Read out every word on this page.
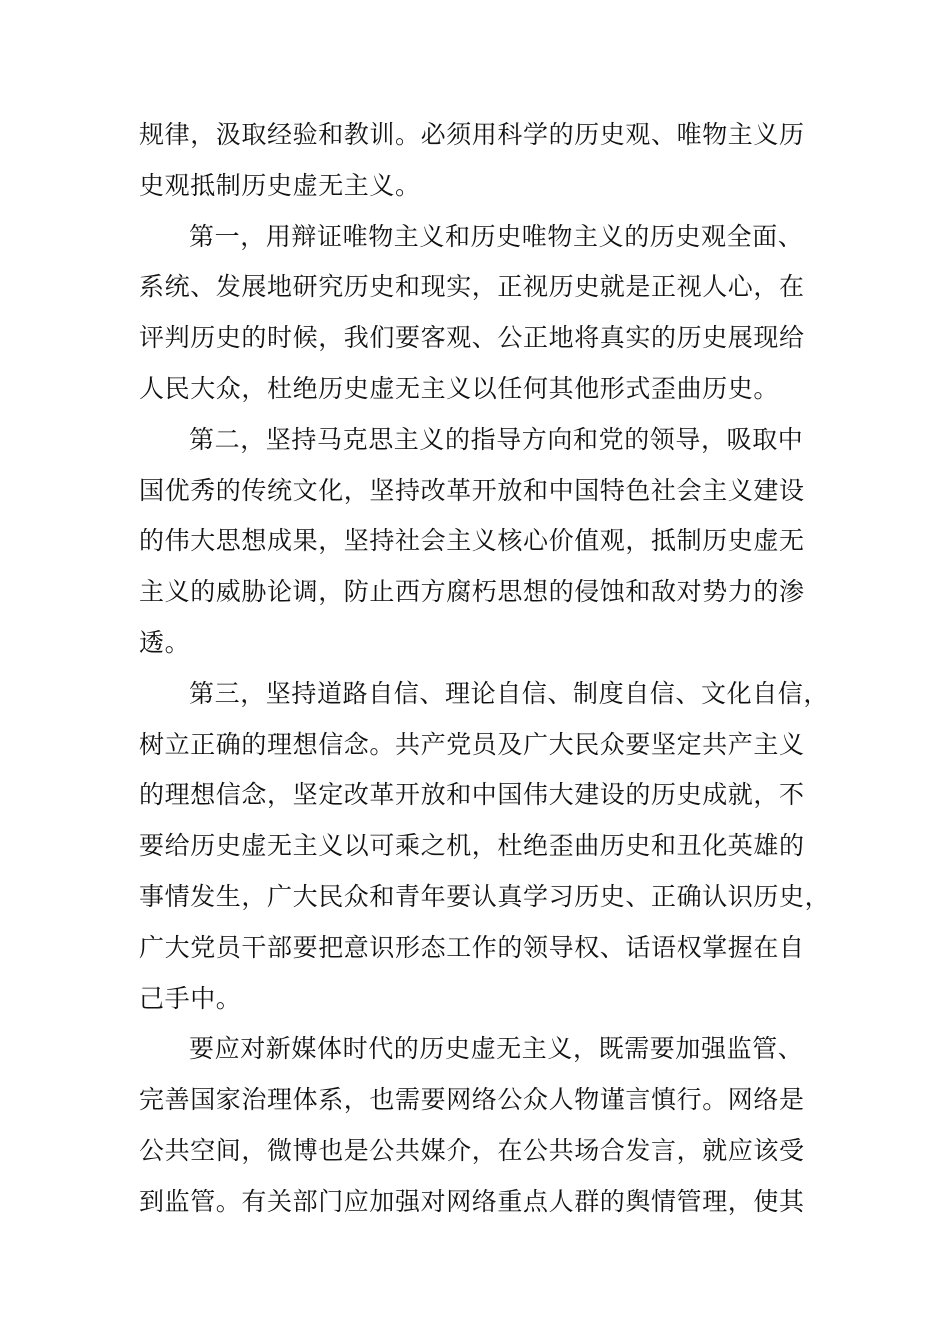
规律，汲取经验和教训。必须用科学的历史观、唯物主义历
史观抵制历史虚无主义。
第一，用辩证唯物主义和历史唯物主义的历史观全面、
系统、发展地研究历史和现实，正视历史就是正视人心，在
评判历史的时候，我们要客观、公正地将真实的历史展现给
人民大众，杜绝历史虚无主义以任何其他形式歪曲历史。
第二，坚持马克思主义的指导方向和党的领导，吸取中
国优秀的传统文化，坚持改革开放和中国特色社会主义建设
的伟大思想成果，坚持社会主义核心价值观，抵制历史虚无
主义的威胁论调，防止西方腐朽思想的侵蚀和敌对势力的渗
透。
第三，坚持道路自信、理论自信、制度自信、文化自信，
树立正确的理想信念。共产党员及广大民众要坚定共产主义
的理想信念，坚定改革开放和中国伟大建设的历史成就，不
要给历史虚无主义以可乘之机，杜绝歪曲历史和丑化英雄的
事情发生，广大民众和青年要认真学习历史、正确认识历史，
广大党员干部要把意识形态工作的领导权、话语权掌握在自
己手中。
要应对新媒体时代的历史虚无主义，既需要加强监管、
完善国家治理体系，也需要网络公众人物谨言慎行。网络是
公共空间，微博也是公共媒介，在公共场合发言，就应该受
到监管。有关部门应加强对网络重点人群的舆情管理，使其
